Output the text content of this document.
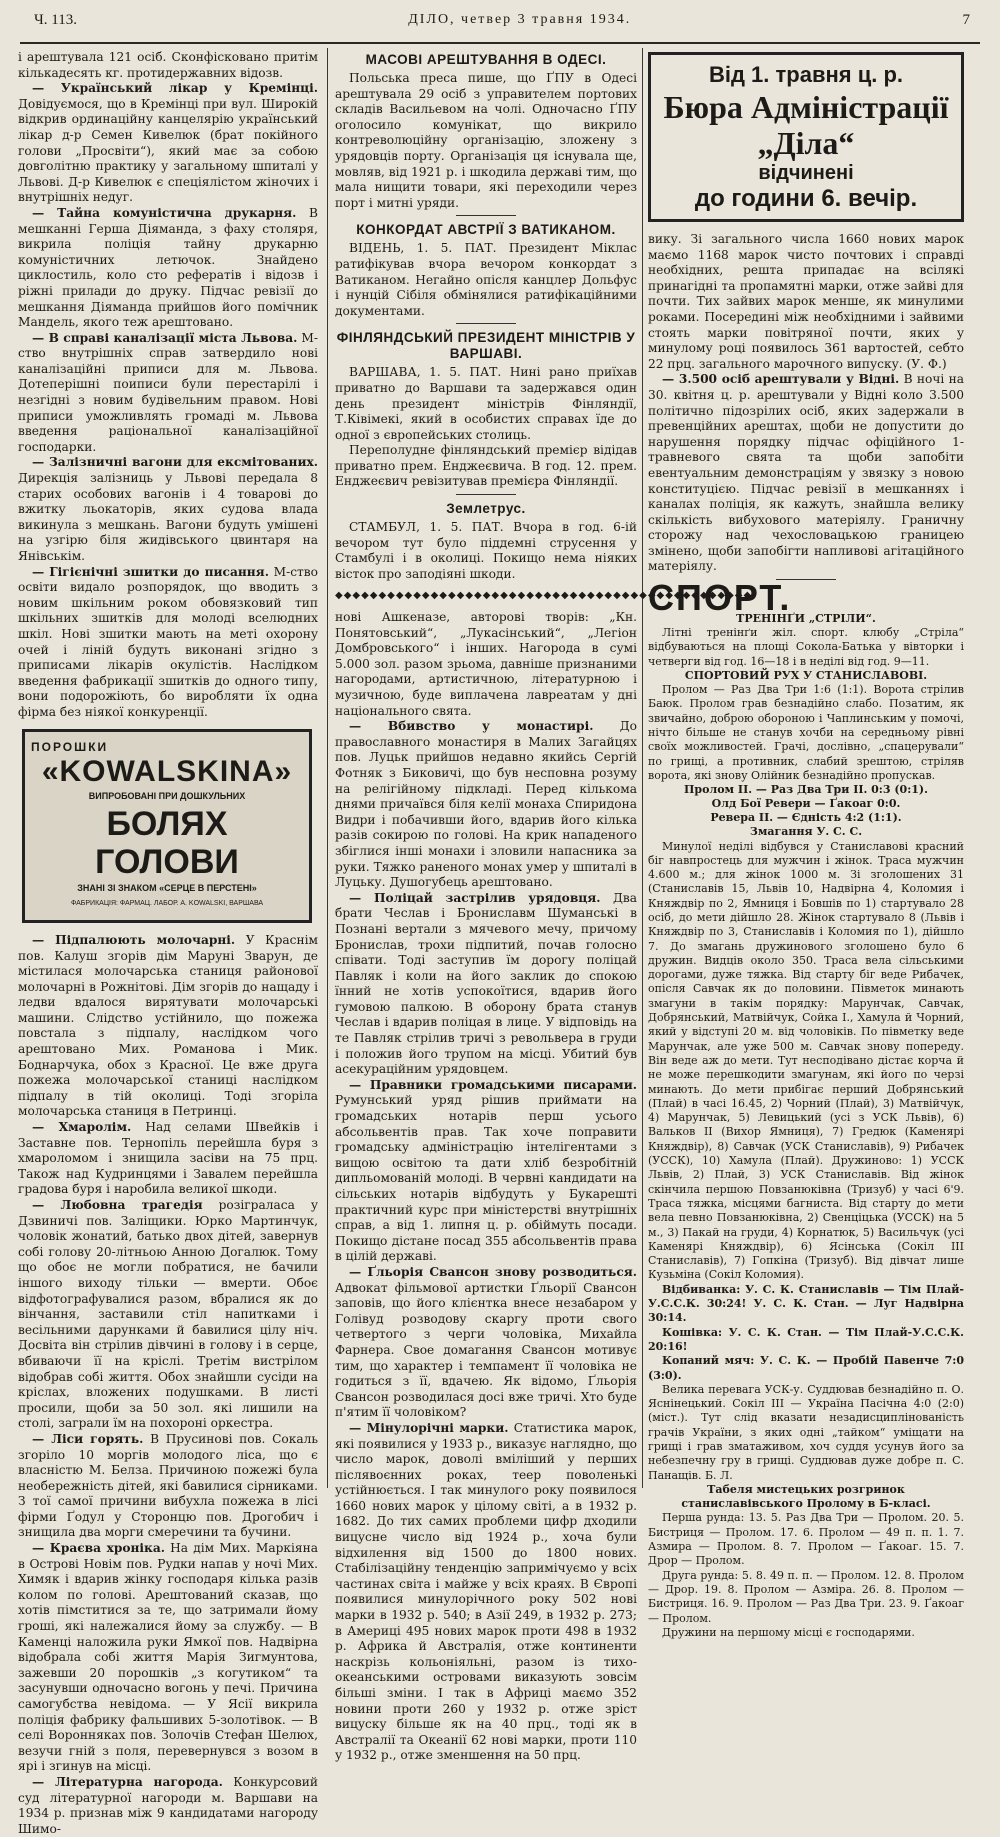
Ч. 113.	ДІЛО, четвер 3 травня 1934.	7

і арештувала 121 осіб. Сконфісковано притім кількадесять кг. протидержавних відозв.

— Український лікар у Кремінці. Довідуємося, що в Кремінці при вул. Широкій відкрив ординаційну канцелярію український лікар д-р Семен Кивелюк (брат покійного голови „Просвіти“), який має за собою довголітню практику у загальному шпиталі у Львові. Д-р Кивелюк є спеціялістом жіночих і внутрішніх недуг.

— Тайна комуністична друкарня. В мешканні Герша Діяманда, з фаху столяря, викрила поліція тайну друкарню комуністичних летючок. Знайдено циклостиль, коло сто рефератів і відозв і ріжні прилади до друку. Підчас ревізії до мешкання Діяманда прийшов його помічник Мандель, якого теж арештовано.

— В справі каналізації міста Львова. М-ство внутрішніх справ затвердило нові каналізаційні приписи для м. Львова. Дотеперішні поиписи були перестарілі і незгідні з новим будівельним правом. Нові приписи уможливлять громаді м. Львова введення раціональної каналізаційної господарки.

— Залізничні вагони для ексмітованих. Дирекція залізниць у Львові передала 8 старих особових вагонів і 4 товарові до вжитку льокаторів, яких судова влада викинула з мешкань. Вагони будуть умішені на узгірю біля жидівського цвинтаря на Янівськім.

— Гігієнічні зшитки до писання. М-ство освіти видало розпорядок, що вводить з новим шкільним роком обовязковий тип шкільних зшитків для молоді вселюдних шкіл. Нові зшитки мають на меті охорону очей і ліній будуть виконані згідно з приписами лікарів окулістів. Наслідком введення фабрикації зшитків до одного типу, вони подорожіють, бо виробляти їх одна фірма без ніякої конкуренції.

ПОРОШКИ
«KOWALSKINA»
ВИПРОБОВАНІ ПРИ ДОШКУЛЬНИХ
БОЛЯХ ГОЛОВИ
ЗНАНІ ЗІ ЗНАКОМ «СЕРЦЕ В ПЕРСТЕНІ»
ФАБРИКАЦІЯ: ФАРМАЦ. ЛАБОР. А. KOWALSKI, ВАРШАВА

— Підпалюють молочарні. У Краснім пов. Калуш згорів дім Маруні Зварун, де містилася молочарська станиця районової молочарні в Рожнітові. Дім згорів до нащаду і ледви вдалося вирятувати молочарські машини. Слідство устійнило, що пожежа повстала з підпалу, наслідком чого арештовано Мих. Романова і Мик. Боднарчука, обох з Красної. Це вже друга пожежа молочарської станиці наслідком підпалу в тій околиці. Тоді згоріла молочарська станиця в Петринці.

— Хмаролім. Над селами Швейків і Заставне пов. Тернопіль перейшла буря з хмароломом і знищила засіви на 75 прц. Також над Кудринцями і Завалем перейшла градова буря і наробила великої шкоди.

— Любовна трагедія розіграласа у Дзвиничі пов. Заліщики. Юрко Мартинчук, чоловік жонатий, батько двох дітей, завернув собі голову 20-літньою Анною Догалюк. Тому що обоє не могли побратися, не бачили іншого виходу тільки — вмерти. Обоє відфотографувалися разом, вбралися як до вінчання, заставили стіл напитками і весільними дарунками й бавилися цілу ніч. Досвіта він стрілив дівчині в голову і в серце, вбиваючи її на кріслі. Третім вистрілом відобрав собі життя. Обох знайшли сусіди на кріслах, вложених подушками. В листі просили, щоби за 50 зол. які лишили на столі, заграли їм на похороні оркестра.

— Ліси горять. В Прусинові пов. Сокаль згоріло 10 моргів молодого ліса, що є власністю М. Белза. Причиною пожежі була необережність дітей, які бавилися сірниками. З тої самої причини вибухла пожежа в лісі фірми Ґодул у Сторонцю пов. Дрогобич і знищила два морги смеречини та бучини.

— Краєва хроніка. На дім Мих. Маркіяна в Острові Новім пов. Рудки напав у ночі Мих. Химяк і вдарив жінку господаря кілька разів колом по голові. Арештований сказав, що хотів пімститися за те, що затримали йому гроші, які належалися йому за службу. — В Каменці наложила руки Ямкої пов. Надвірна відобрала собі життя Марія Зигмунтова, зажевши 20 порошків „з когутиком“ та засунувши одночасно вогонь у печі. Причина самогубства невідома. — У Ясії викрила поліція фабрику фальшивих 5-золотівок. — В селі Воронняках пов. Золочів Стефан Шелюх, везучи гній з поля, перевернувся з возом в ярі і згинув на місці.

— Літературна нагорода. Конкурсовий суд літературної нагороди м. Варшави на 1934 р. признав між 9 кандидатами нагороду Шимо-

МАСОВІ АРЕШТУВАННЯ В ОДЕСІ.

Польська преса пише, що ҐПУ в Одесі арештувала 29 осіб з управителем портових складів Васильевом на чолі. Одночасно ҐПУ оголосило комунікат, що викрило контреволюційну організацію, зложену з урядовців порту. Організація ця існувала ще, мовляв, від 1921 р. і шкодила державі тим, що мала нищити товари, які переходили через порт і митні уряди.

КОНКОРДАТ АВСТРІЇ З ВАТИКАНОМ.

ВІДЕНЬ, 1. 5. ПАТ. Президент Міклас ратифікував вчора вечором конкордат з Ватиканом. Негайно опісля канцлер Дольфус і нунцій Сібіля обмінялися ратифікаційними документами.

ФІНЛЯНДСЬКИЙ ПРЕЗИДЕНТ МІНІСТРІВ У ВАРШАВІ.

ВАРШАВА, 1. 5. ПАТ. Нині рано приїхав приватно до Варшави та задержався один день президент міністрів Фінляндії, Т.Ківімекі, який в особистих справах їде до одної з європейських столиць.

Переполудне фінляндський премієр відідав приватно прем. Енджеєвича. В год. 12. прем. Енджеєвич ревізитував премієра Фінляндії.

Землетрус.

СТАМБУЛ, 1. 5. ПАТ. Вчора в год. 6-ій вечором тут було піддемні струсення у Стамбулі і в околиці. Покищо нема ніяких вісток про заподіяні шкоди.

◆◆◆◆◆◆◆◆◆◆◆◆◆◆◆◆◆◆◆◆◆◆◆◆◆◆◆◆◆◆◆◆◆◆◆◆◆◆◆◆◆◆◆◆◆◆◆◆

нові Ашкеназе, авторові творів: „Кн. Понятовський“, „Лукасінський“, „Легіон Домбровського“ і інших. Нагорода в сумі 5.000 зол. разом зрьома, давніше признаними нагородами, артистичною, літературною і музичною, буде виплачена лавреатам у дні національного свята.

— Вбивство у монастирі. До православного монастиря в Малих Загайцях пов. Луцьк прийшов недавно якийсь Сергій Фотняк з Биковичі, що був несповна розуму на релігійному підкладі. Перед кількома днями причаївся біля келії монаха Спиридона Видри і побачивши його, вдарив його кілька разів сокирою по голові. На крик нападеного збіглися інші монахи і зловили напасника за руки. Тяжко раненого монах умер у шпиталі в Луцьку. Душогубець арештовано.

— Поліцай застрілив урядовця. Два брати Чеслав і Брониславм Шуманські в Познані вертали з мячевого мечу, причому Бронислав, трохи підпитий, почав голосно співати. Тоді заступив їм дорогу поліцай Павляк і коли на його заклик до спокою їнний не хотів успокоїтися, вдарив його гумовою палкою. В оборону брата станув Чеслав і вдарив поліцая в лице. У відповідь на те Павляк стрілив тричі з револьвера в груди і положив його трупом на місці. Убитий був асекураційним урядовцем.

— Правники громадськими писарами. Румунський уряд рішив приймати на громадських нотарів перш усього абсольвентів прав. Так хоче поправити громадську адміністрацію інтелігентами з вищою освітою та дати хліб безробітній дипльомованій молоді. В червні кандидати на сільських нотарів відбудуть у Букарешті практичний курс при міністерстві внутрішніх справ, а від 1. липня ц. р. обіймуть посади. Покищо дістане посад 355 абсольвентів права в цілій державі.

— Ґльорія Свансон знову розводиться. Адвокат фільмової артистки Ґльорії Свансон заповів, що його клієнтка внесе незабаром у Голівуд розводову скаргу проти свого четвертого з черги чоловіка, Михайла Фарнера. Свое домагання Свансон мотивує тим, що характер і темпамент її чоловіка не годиться з її, вдачею. Як відомо, Ґльорія Свансон розводилася досі вже тричі. Хто буде п'ятим її чоловіком?

— Мінулорічні марки. Статистика марок, які появилися у 1933 р., виказує наглядно, що число марок, доволі вміліший у перших післявоєнних роках, теер поволенькі устійнюється. І так минулого року появилося 1660 нових марок у цілому світі, а в 1932 р. 1682. До тих самих проблеми цифр дходили вицусне число від 1924 р., хоча були відхилення від 1500 до 1800 нових. Стабілізаційну тенденцію запримічуємо у всіх частинах світа і майже у всіх краях. В Європі появилися минулорічного року 502 нові марки в 1932 р. 540; в Азії 249, в 1932 р. 273; в Америці 495 нових марок проти 498 в 1932 р. Африка й Австралія, отже континенти наскрізь кольоніяльні, разом із тихо-океанськими островами виказують зовсім більші зміни. І так в Африці маємо 352 новини проти 260 у 1932 р. отже зріст вицуску більше як на 40 прц., тоді як в Австралії та Океанії 62 нові марки, проти 110 у 1932 р., отже зменшення на 50 прц.

Від 1. травня ц. р.
Бюра Адміністрації „Діла“
відчинені
до години 6. вечір.

вику. Зі загального числа 1660 нових марок маємо 1168 марок чисто почтових і справді необхідних, решта припадає на всілякі принагідні та пропамятні марки, отже зайві для почти. Тих зайвих марок менше, як минулими роками. Посередині між необхідними і зайвими стоять марки повітряної почти, яких у минулому році появилось 361 вартостей, себто 22 прц. загального марочного випуску. (У. Ф.)

— 3.500 осіб арештували у Відні. В ночі на 30. квітня ц. р. арештували у Відні коло 3.500 політично підозрілих осіб, яких задержали в превенційних арештах, щоби не допустити до нарушення порядку підчас офіційного 1-травневого свята та щоби запобіти евентуальним демонстраціям у звязку з новою конституцією. Підчас ревізії в мешканнях і каналах поліція, як кажуть, знайшла велику скількість вибухового матеріялу. Граничну сторожу над чехословацькою границею змінено, щоби запобігти напливові агітаційного матеріялу.

СПОРТ.

ТРЕНІНҐИ „СТРІЛИ“.

Літні тренінґи жіл. спорт. клюбу „Стріла“ відбуваються на площі Сокола-Батька у вівторки і четверги від год. 16—18 і в неділі від год. 9—11.

СПОРТОВИЙ РУХ У СТАНИСЛАВОВІ.

Пролом — Раз Два Три 1:6 (1:1). Ворота стрілив Баюк. Пролом грав безнадійно слабо. Позатим, як звичайно, доброю обороною і Чаплинським у помочі, нічто більше не станув хочби на середньому рівні своїх можливостей. Грачі, дослівно, „спацерували“ по грищі, а противник, слабий зрештою, стріляв ворота, які знову Олійник безнадійно пропускав.

Пролом II. — Раз Два Три II. 0:3 (0:1).

Олд Бої Ревери — Ґакоаг 0:0.

Ревера II. — Єдність 4:2 (1:1).

Змагання У. С. С.

Минулої неділі відбувся у Станиславові красний біг навпростець для мужчин і жінок. Траса мужчин 4.600 м.; для жінок 1000 м. Зі зголошених 31 (Станиславів 15, Львів 10, Надвірна 4, Коломия і Княждвір по 2, Ямниця і Бовшів по 1) стартувало 28 осіб, до мети дійшло 28. Жінок стартувало 8 (Львів і Княждвір по 3, Станиславів і Коломия по 1), дійшло 7. До змагань дружинового зголошено було 6 дружин. Видців около 350. Траса вела сільськими дорогами, дуже тяжка. Від старту біг веде Рибачек, опісля Савчак як до половини. Півметок минають змагуни в такім порядку: Марунчак, Савчак, Добрянський, Матвійчук, Сойка І., Хамула й Чорний, який у відступі 20 м. від чоловіків. По півметку веде Марунчак, але уже 500 м. Савчак знову попереду. Він веде аж до мети. Тут несподівано дістає корча й не може перешкодити змагунам, які його по черзі минають. До мети прибігає перший Добрянський (Плай) в часі 16.45, 2) Чорний (Плай), 3) Матвійчук, 4) Марунчак, 5) Левицький (усі з УСК Львів), 6) Вальков II (Вихор Ямниця), 7) Гредюк (Каменярі Княждвір), 8) Савчак (УСК Станиславів), 9) Рибачек (УССК), 10) Хамула (Плай). Дружиново: 1) УССК Львів, 2) Плай, 3) УСК Станиславів. Від жінок скінчила першою Повзанюківна (Тризуб) у часі 6'9. Траса тяжка, місцями багниста. Від старту до мети вела певно Повзанюківна, 2) Свенціцька (УССК) на 5 м., 3) Пакай на груди, 4) Корнатюк, 5) Васильчук (усі Каменярі Княждвір), 6) Ясінська (Сокіл III Станиславів), 7) Гопкіна (Тризуб). Від дівчат лише Кузьміна (Сокіл Коломия).

Відбиванка: У. С. К. Станиславів — Тім Плай-У.С.С.К. 30:24! У. С. К. Стан. — Луг Надвірна 30:14.

Кошівка: У. С. К. Стан. — Тім Плай-У.С.С.К. 20:16!

Копаний мяч: У. С. К. — Пробій Павенче 7:0 (3:0).

Велика перевага УСК-у. Суддював безнадійно п. О. Яснінецький. Сокіл III — Україна Пасічна 4:0 (2:0) (міст.). Тут слід вказати незадисциплінованість грачів України, з яких одні „тайком“ уміщати на грищі і грав зматаживом, хоч суддя усунув його за небезпечну гру в грищі. Суддював дуже добре п. С. Панащів. Б. Л.

Табеля мистецьких розгринок станиславівського Пролому в Б-класі.

Перша рунда: 13. 5. Раз Два Три — Пролом. 20. 5. Бистриця — Пролом. 17. 6. Пролом — 49 п. п. 1. 7. Азмира — Пролом. 8. 7. Пролом — Ґакоаг. 15. 7. Дрор — Пролом.

Друга рунда: 5. 8. 49 п. п. — Пролом. 12. 8. Пролом — Дрор. 19. 8. Пролом — Азміра. 26. 8. Пролом — Бистриця. 16. 9. Пролом — Раз Два Три. 23. 9. Ґакоаг — Пролом.

Дружини на першому місці є господарями.
